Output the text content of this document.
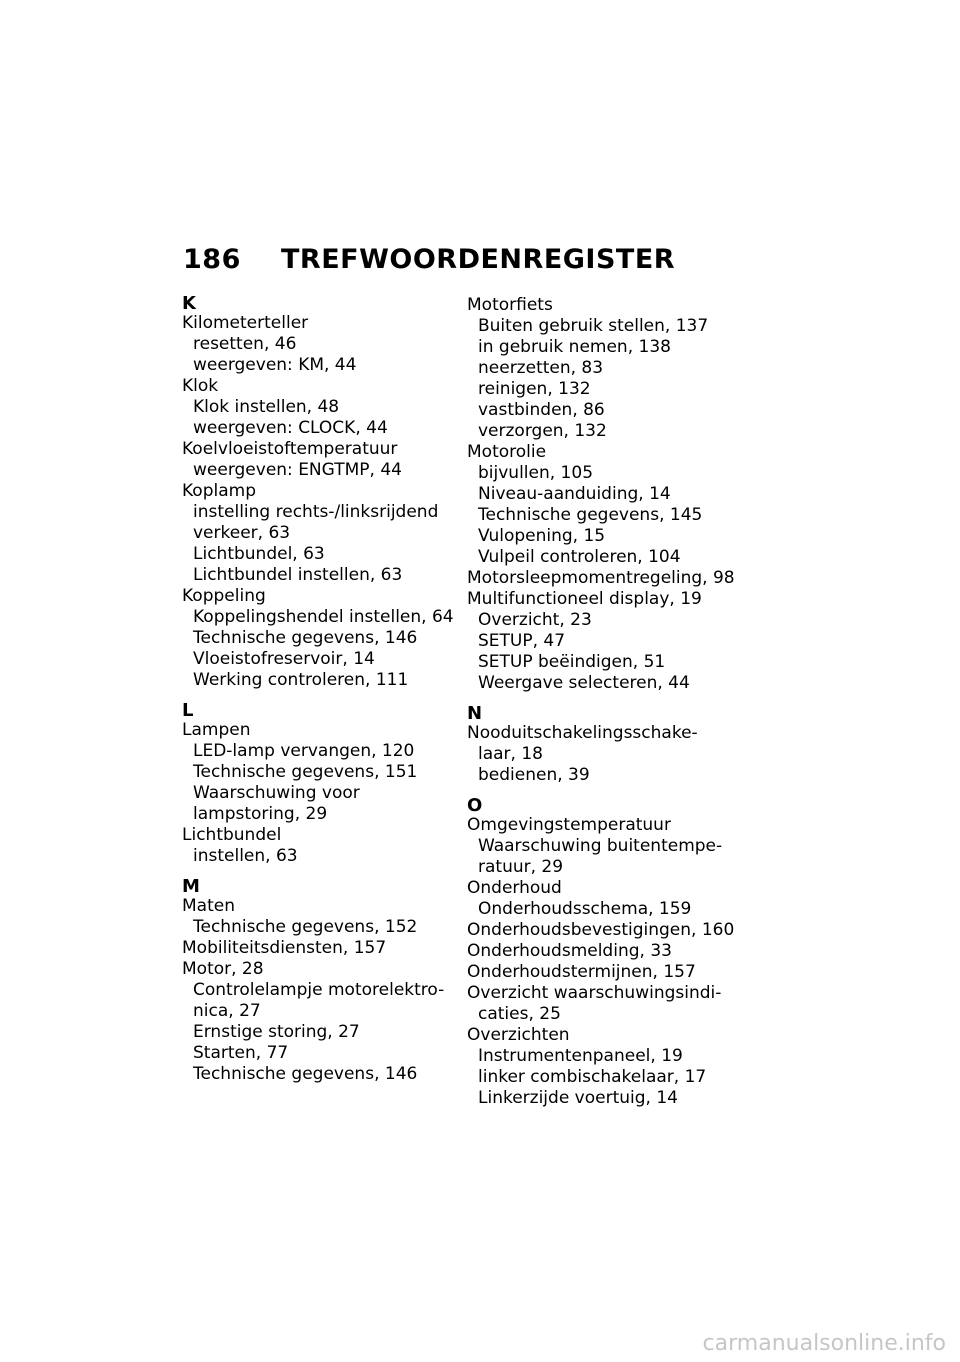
186 TREFWOORDENREGISTER
K
Kilometerteller
resetten, 46
weergeven: KM, 44
Klok
Klok instellen, 48
weergeven: CLOCK, 44
Koelvloeistoftemperatuur
weergeven: ENGTMP, 44
Koplamp
instelling rechts-/linksrijdend
verkeer, 63
Lichtbundel, 63
Lichtbundel instellen, 63
Koppeling
Koppelingshendel instellen, 64
Technische gegevens, 146
Vloeistofreservoir, 14
Werking controleren, 111
L
Lampen
LED-lamp vervangen, 120
Technische gegevens, 151
Waarschuwing voor
lampstoring, 29
Lichtbundel
instellen, 63
M
Maten
Technische gegevens, 152
Mobiliteitsdiensten, 157
Motor, 28
Controlelampje motorelektro-
nica, 27
Ernstige storing, 27
Starten, 77
Technische gegevens, 146
Motorfiets
Buiten gebruik stellen, 137
in gebruik nemen, 138
neerzetten, 83
reinigen, 132
vastbinden, 86
verzorgen, 132
Motorolie
bijvullen, 105
Niveau-aanduiding, 14
Technische gegevens, 145
Vulopening, 15
Vulpeil controleren, 104
Motorsleepmomentregeling, 98
Multifunctioneel display, 19
Overzicht, 23
SETUP, 47
SETUP beëindigen, 51
Weergave selecteren, 44
N
Nooduitschakelingsschake-
laar, 18
bedienen, 39
O
Omgevingstemperatuur
Waarschuwing buitentempe-
ratuur, 29
Onderhoud
Onderhoudsschema, 159
Onderhoudsbevestigingen, 160
Onderhoudsmelding, 33
Onderhoudstermijnen, 157
Overzicht waarschuwingsindi-
caties, 25
Overzichten
Instrumentenpaneel, 19
linker combischakelaar, 17
Linkerzijde voertuig, 14
carmanualsonline.info
